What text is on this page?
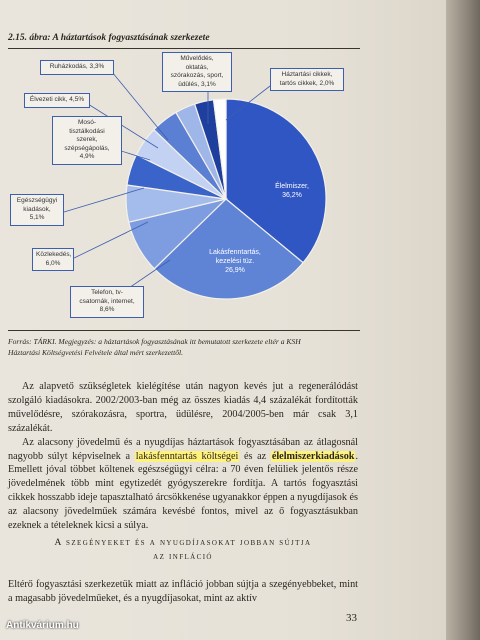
2.15. ábra: A háztartások fogyasztásának szerkezete
Ruházkodás, 3,3%
Élvezeti cikk, 4,5%
Mosó-
tisztálkodási
szerek,
szépségápolás,
4,9%
Egészségügyi
kiadások,
5,1%
Közlekedés,
6,0%
Telefon, tv-
csatornák, internet,
8,6%
Művelődés,
oktatás,
szórakozás, sport,
üdülés, 3,1%
Háztartási cikkek,
tartós cikkek, 2,0%
Élelmiszer,
36,2%
Lakásfenntartás,
kezelési tüz.
26,9%
Forrás: TÁRKI. Megjegyzés: a háztartások fogyasztásának itt bemutatott szerkezete eltér a KSH
Háztartási Költségvetési Felvétele által mért szerkezettől.

Az alapvető szükségletek kielégítése után nagyon kevés jut a regenerálódást szolgáló kiadásokra. 2002/2003-ban még az összes kiadás 4,4 százalékát fordították művelődésre, szórakozásra, sportra, üdülésre, 2004/2005-ben már csak 3,1 százalékát.

Az alacsony jövedelmű és a nyugdíjas háztartások fogyasztásában az átlagosnál nagyobb súlyt képviselnek a lakásfenntartás költségei és az élelmiszerkiadások. Emellett jóval többet költenek egészségügyi célra: a 70 éven felüliek jelentős része jövedelmének több mint egytizedét gyógyszerekre fordítja. A tartós fogyasztási cikkek hosszabb ideje tapasztalható árcsökkenése ugyanakkor éppen a nyugdíjasok és az alacsony jövedelműek számára kevésbé fontos, mivel az ő fogyasztásukban ezeknek a tételeknek kicsi a súlya.

A szegényeket és a nyugdíjasokat jobban sújtja
az infláció

Eltérő fogyasztási szerkezetük miatt az infláció jobban sújtja a szegényebbeket, mint a magasabb jövedelműeket, és a nyugdíjasokat, mint az aktív

33
Antikvárium.hu
